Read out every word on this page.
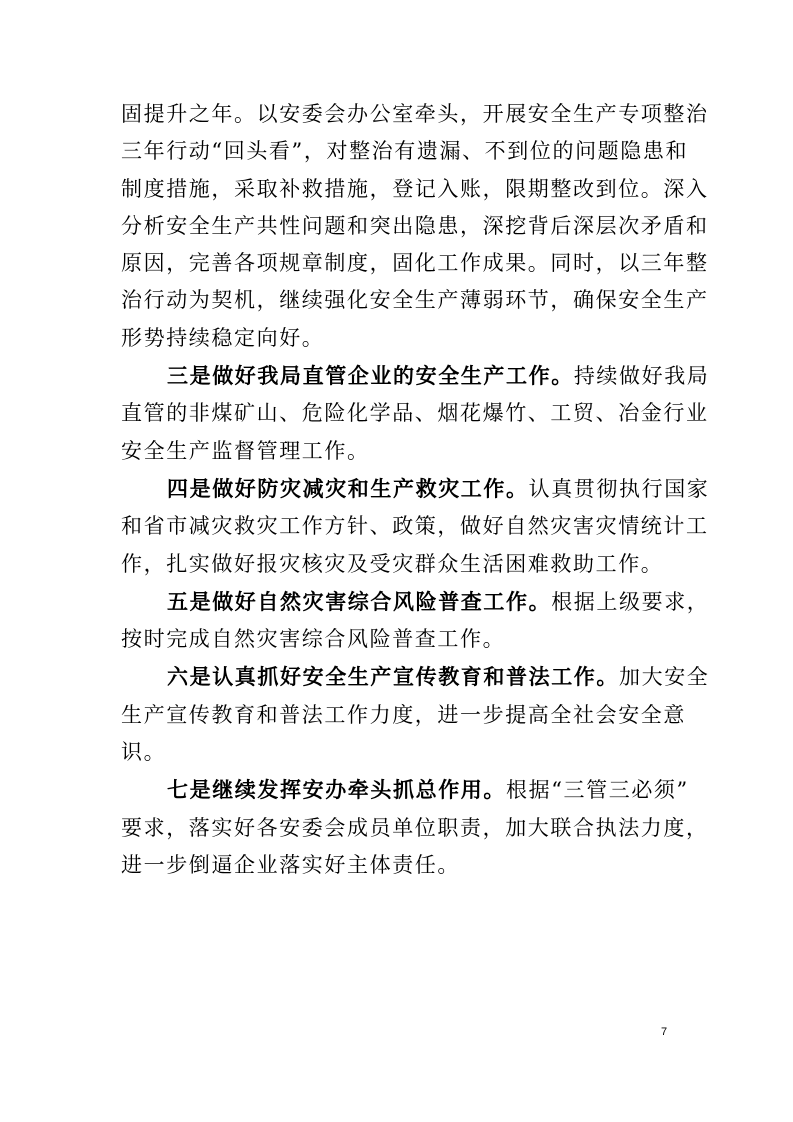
固提升之年。以安委会办公室牵头，开展安全生产专项整治
三年行动“回头看”，对整治有遗漏、不到位的问题隐患和
制度措施，采取补救措施，登记入账，限期整改到位。深入
分析安全生产共性问题和突出隐患，深挖背后深层次矛盾和
原因，完善各项规章制度，固化工作成果。同时，以三年整
治行动为契机，继续强化安全生产薄弱环节，确保安全生产
形势持续稳定向好。

三是做好我局直管企业的安全生产工作。持续做好我局
直管的非煤矿山、危险化学品、烟花爆竹、工贸、冶金行业
安全生产监督管理工作。

四是做好防灾减灾和生产救灾工作。认真贯彻执行国家
和省市减灾救灾工作方针、政策，做好自然灾害灾情统计工
作，扎实做好报灾核灾及受灾群众生活困难救助工作。

五是做好自然灾害综合风险普查工作。根据上级要求，
按时完成自然灾害综合风险普查工作。

六是认真抓好安全生产宣传教育和普法工作。加大安全
生产宣传教育和普法工作力度，进一步提高全社会安全意
识。

七是继续发挥安办牵头抓总作用。根据“三管三必须”
要求，落实好各安委会成员单位职责，加大联合执法力度，
进一步倒逼企业落实好主体责任。

7
